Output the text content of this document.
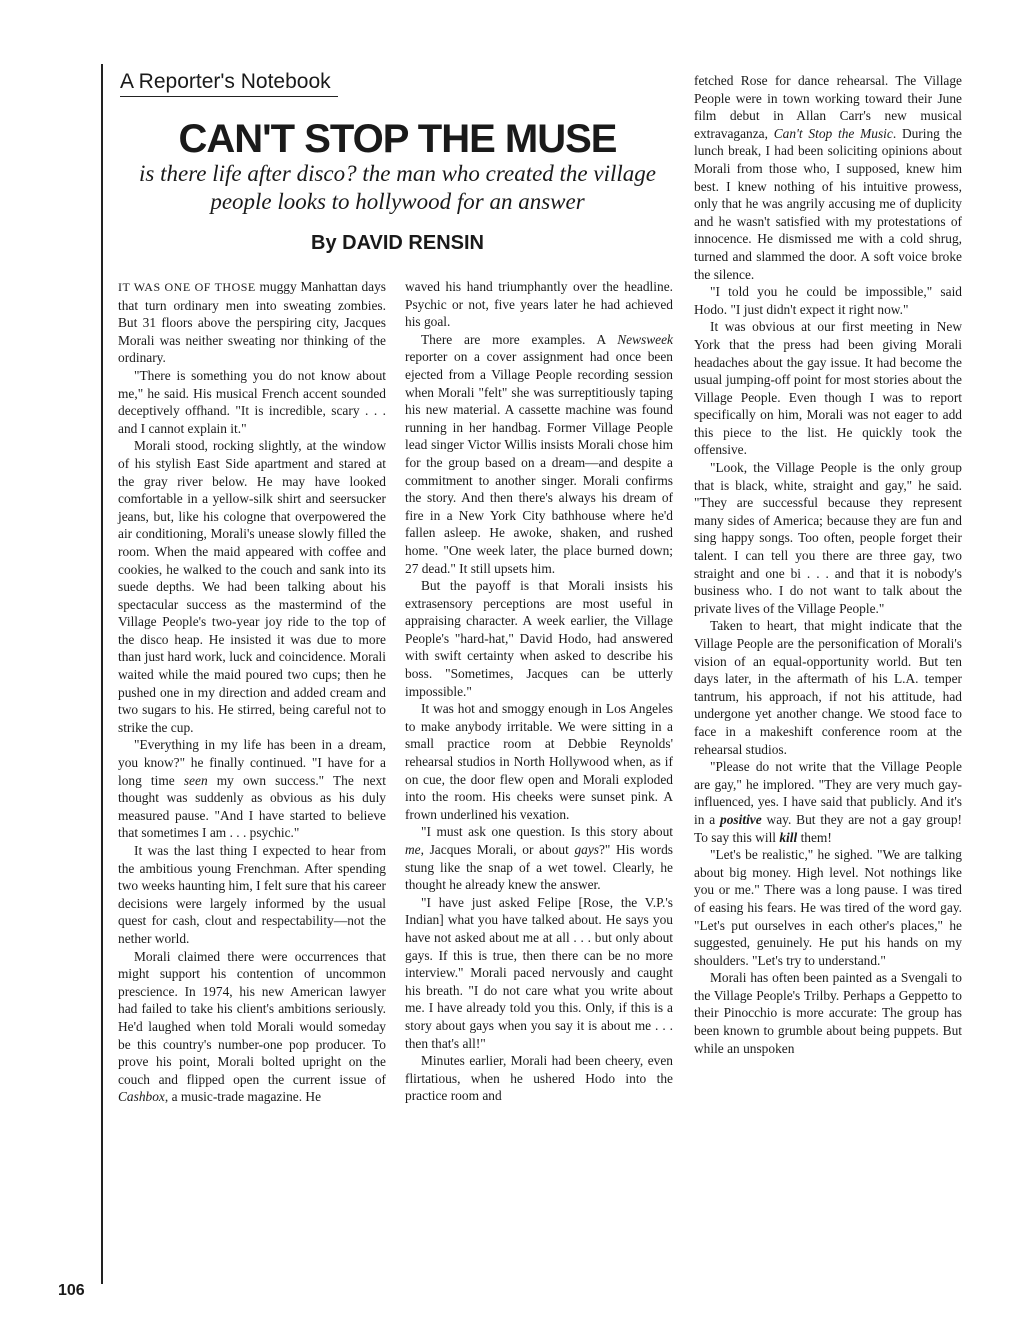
A Reporter's Notebook
CAN'T STOP THE MUSE
is there life after disco? the man who created the village people looks to hollywood for an answer
By DAVID RENSIN

IT WAS ONE OF THOSE muggy Manhattan days that turn ordinary men into sweating zombies. But 31 floors above the perspiring city, Jacques Morali was neither sweating nor thinking of the ordinary.

"There is something you do not know about me," he said. His musical French accent sounded deceptively offhand. "It is incredible, scary . . . and I cannot explain it."

Morali stood, rocking slightly, at the window of his stylish East Side apartment and stared at the gray river below. He may have looked comfortable in a yellow-silk shirt and seersucker jeans, but, like his cologne that overpowered the air conditioning, Morali's unease slowly filled the room. When the maid appeared with coffee and cookies, he walked to the couch and sank into its suede depths. We had been talking about his spectacular success as the mastermind of the Village People's two-year joy ride to the top of the disco heap. He insisted it was due to more than just hard work, luck and coincidence. Morali waited while the maid poured two cups; then he pushed one in my direction and added cream and two sugars to his. He stirred, being careful not to strike the cup.

"Everything in my life has been in a dream, you know?" he finally continued. "I have for a long time seen my own success." The next thought was suddenly as obvious as his duly measured pause. "And I have started to believe that sometimes I am . . . psychic."

It was the last thing I expected to hear from the ambitious young Frenchman. After spending two weeks haunting him, I felt sure that his career decisions were largely informed by the usual quest for cash, clout and respectability—not the nether world.

Morali claimed there were occurrences that might support his contention of uncommon prescience. In 1974, his new American lawyer had failed to take his client's ambitions seriously. He'd laughed when told Morali would someday be this country's number-one pop producer. To prove his point, Morali bolted upright on the couch and flipped open the current issue of Cashbox, a music-trade magazine. He

waved his hand triumphantly over the headline. Psychic or not, five years later he had achieved his goal.

There are more examples. A Newsweek reporter on a cover assignment had once been ejected from a Village People recording session when Morali "felt" she was surreptitiously taping his new material. A cassette machine was found running in her handbag. Former Village People lead singer Victor Willis insists Morali chose him for the group based on a dream—and despite a commitment to another singer. Morali confirms the story. And then there's always his dream of fire in a New York City bathhouse where he'd fallen asleep. He awoke, shaken, and rushed home. "One week later, the place burned down; 27 dead." It still upsets him.

But the payoff is that Morali insists his extrasensory perceptions are most useful in appraising character. A week earlier, the Village People's "hard-hat," David Hodo, had answered with swift certainty when asked to describe his boss. "Sometimes, Jacques can be utterly impossible."

It was hot and smoggy enough in Los Angeles to make anybody irritable. We were sitting in a small practice room at Debbie Reynolds' rehearsal studios in North Hollywood when, as if on cue, the door flew open and Morali exploded into the room. His cheeks were sunset pink. A frown underlined his vexation.

"I must ask one question. Is this story about me, Jacques Morali, or about gays?" His words stung like the snap of a wet towel. Clearly, he thought he already knew the answer.

"I have just asked Felipe [Rose, the V.P.'s Indian] what you have talked about. He says you have not asked about me at all . . . but only about gays. If this is true, then there can be no more interview." Morali paced nervously and caught his breath. "I do not care what you write about me. I have already told you this. Only, if this is a story about gays when you say it is about me . . . then that's all!"

Minutes earlier, Morali had been cheery, even flirtatious, when he ushered Hodo into the practice room and

fetched Rose for dance rehearsal. The Village People were in town working toward their June film debut in Allan Carr's new musical extravaganza, Can't Stop the Music. During the lunch break, I had been soliciting opinions about Morali from those who, I supposed, knew him best. I knew nothing of his intuitive prowess, only that he was angrily accusing me of duplicity and he wasn't satisfied with my protestations of innocence. He dismissed me with a cold shrug, turned and slammed the door. A soft voice broke the silence.

"I told you he could be impossible," said Hodo. "I just didn't expect it right now."

It was obvious at our first meeting in New York that the press had been giving Morali headaches about the gay issue. It had become the usual jumping-off point for most stories about the Village People. Even though I was to report specifically on him, Morali was not eager to add this piece to the list. He quickly took the offensive.

"Look, the Village People is the only group that is black, white, straight and gay," he said. "They are successful because they represent many sides of America; because they are fun and sing happy songs. Too often, people forget their talent. I can tell you there are three gay, two straight and one bi . . . and that it is nobody's business who. I do not want to talk about the private lives of the Village People."

Taken to heart, that might indicate that the Village People are the personification of Morali's vision of an equal-opportunity world. But ten days later, in the aftermath of his L.A. temper tantrum, his approach, if not his attitude, had undergone yet another change. We stood face to face in a makeshift conference room at the rehearsal studios.

"Please do not write that the Village People are gay," he implored. "They are very much gay-influenced, yes. I have said that publicly. And it's in a positive way. But they are not a gay group! To say this will kill them!

"Let's be realistic," he sighed. "We are talking about big money. High level. Not nothings like you or me." There was a long pause. I was tired of easing his fears. He was tired of the word gay. "Let's put ourselves in each other's places," he suggested, genuinely. He put his hands on my shoulders. "Let's try to understand."

Morali has often been painted as a Svengali to the Village People's Trilby. Perhaps a Geppetto to their Pinocchio is more accurate: The group has been known to grumble about being puppets. But while an unspoken

106
